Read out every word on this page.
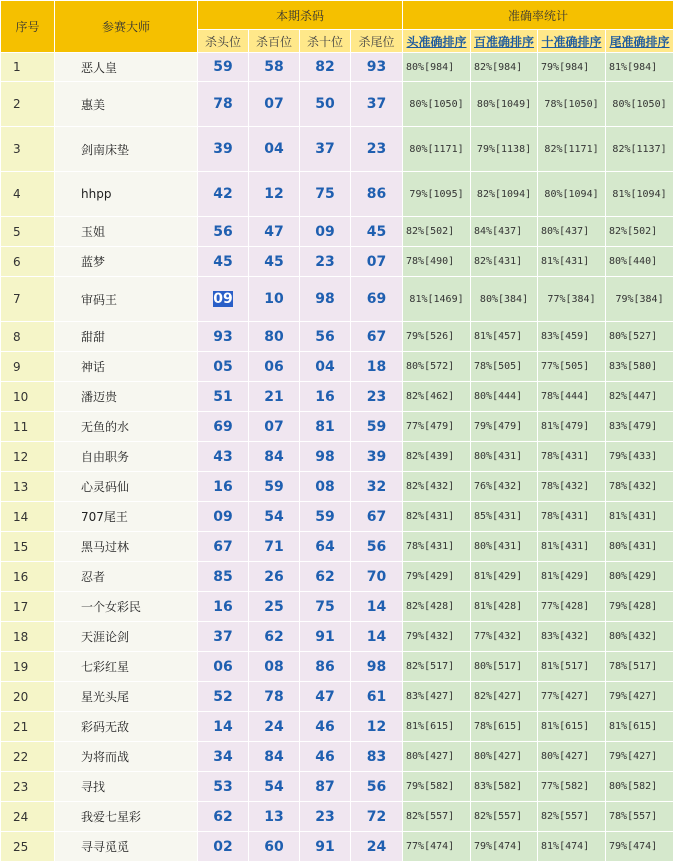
序号	参赛大师	本期杀码				准确率统计			
		杀头位	杀百位	杀十位	杀尾位	头准确排序	百准确排序	十准确排序	尾准确排序
1	恶人皇	59	58	82	93	80%[984]	82%[984]	79%[984]	81%[984]
2	惠美	78	07	50	37	80%[1050]	80%[1049]	78%[1050]	80%[1050]
3	剑南床垫	39	04	37	23	80%[1171]	79%[1138]	82%[1171]	82%[1137]
4	hhpp	42	12	75	86	79%[1095]	82%[1094]	80%[1094]	81%[1094]
5	玉姐	56	47	09	45	82%[502]	84%[437]	80%[437]	82%[502]
6	蓝梦	45	45	23	07	78%[490]	82%[431]	81%[431]	80%[440]
7	审码王	09	10	98	69	81%[1469]	80%[384]	77%[384]	79%[384]
8	甜甜	93	80	56	67	79%[526]	81%[457]	83%[459]	80%[527]
9	神话	05	06	04	18	80%[572]	78%[505]	77%[505]	83%[580]
10	潘迈贵	51	21	16	23	82%[462]	80%[444]	78%[444]	82%[447]
11	无鱼的水	69	07	81	59	77%[479]	79%[479]	81%[479]	83%[479]
12	自由职务	43	84	98	39	82%[439]	80%[431]	78%[431]	79%[433]
13	心灵码仙	16	59	08	32	82%[432]	76%[432]	78%[432]	78%[432]
14	707尾王	09	54	59	67	82%[431]	85%[431]	78%[431]	81%[431]
15	黑马过林	67	71	64	56	78%[431]	80%[431]	81%[431]	80%[431]
16	忍者	85	26	62	70	79%[429]	81%[429]	81%[429]	80%[429]
17	一个女彩民	16	25	75	14	82%[428]	81%[428]	77%[428]	79%[428]
18	天涯论剑	37	62	91	14	79%[432]	77%[432]	83%[432]	80%[432]
19	七彩红星	06	08	86	98	82%[517]	80%[517]	81%[517]	78%[517]
20	星光头尾	52	78	47	61	83%[427]	82%[427]	77%[427]	79%[427]
21	彩码无敌	14	24	46	12	81%[615]	78%[615]	81%[615]	81%[615]
22	为将而战	34	84	46	83	80%[427]	80%[427]	80%[427]	79%[427]
23	寻找	53	54	87	56	79%[582]	83%[582]	77%[582]	80%[582]
24	我爱七星彩	62	13	23	72	82%[557]	82%[557]	82%[557]	78%[557]
25	寻寻觅觅	02	60	91	24	77%[474]	79%[474]	81%[474]	79%[474]
